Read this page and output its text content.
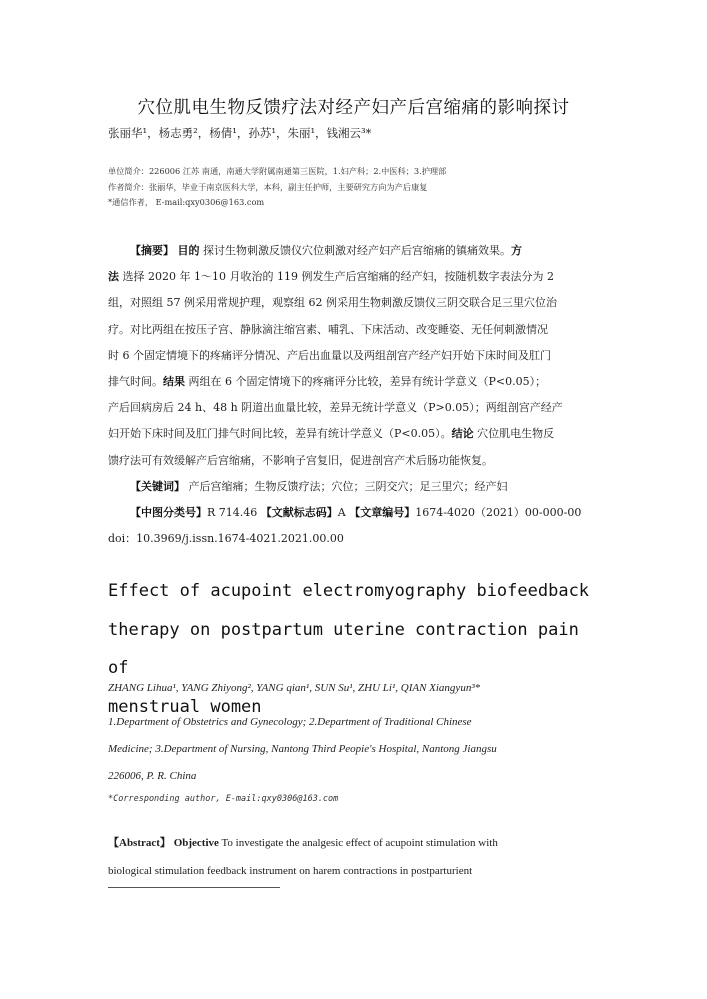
穴位肌电生物反馈疗法对经产妇产后宫缩痛的影响探讨
张丽华¹，杨志勇²，杨倩¹，孙苏¹，朱丽¹，钱湘云³*
单位简介：226006 江苏 南通，南通大学附属南通第三医院，1.妇产科；2.中医科；3.护理部
作者简介：张丽华，毕业于南京医科大学，本科，副主任护师，主要研究方向为产后康复
*通信作者， E-mail:qxy0306@163.com

【摘要】 目的 探讨生物刺激反馈仪穴位刺激对经产妇产后宫缩痛的镇痛效果。方

法 选择 2020 年 1～10 月收治的 119 例发生产后宫缩痛的经产妇，按随机数字表法分为 2

组，对照组 57 例采用常规护理，观察组 62 例采用生物刺激反馈仪三阴交联合足三里穴位治

疗。对比两组在按压子宫、静脉滴注缩宫素、哺乳、下床活动、改变睡姿、无任何刺激情况

时 6 个固定情境下的疼痛评分情况、产后出血量以及两组剖宫产经产妇开始下床时间及肛门

排气时间。结果 两组在 6 个固定情境下的疼痛评分比较，差异有统计学意义（P<0.05）；

产后回病房后 24 h、48 h 阴道出血量比较，差异无统计学意义（P>0.05）；两组剖宫产经产

妇开始下床时间及肛门排气时间比较，差异有统计学意义（P<0.05）。结论 穴位肌电生物反

馈疗法可有效缓解产后宫缩痛，不影响子宫复旧，促进剖宫产术后肠功能恢复。

【关键词】 产后宫缩痛；生物反馈疗法；穴位；三阴交穴；足三里穴；经产妇

【中图分类号】R 714.46 【文献标志码】A 【文章编号】1674-4020（2021）00-000-00

doi：10.3969/j.issn.1674-4021.2021.00.00

Effect of acupoint electromyography biofeedback
therapy on postpartum uterine contraction pain of
menstrual women
ZHANG Lihua¹, YANG Zhiyong², YANG qian¹, SUN Su¹, ZHU Li¹, QIAN Xiangyun³*
1.Department of Obstetrics and Gynecology; 2.Department of Traditional Chinese
Medicine; 3.Department of Nursing, Nantong Third Peopie's Hospital, Nantong Jiangsu
226006, P. R. China
*Corresponding author, E-mail:qxy0306@163.com
【Abstract】 Objective To investigate the analgesic effect of acupoint stimulation with
biological stimulation feedback instrument on harem contractions in postparturient
